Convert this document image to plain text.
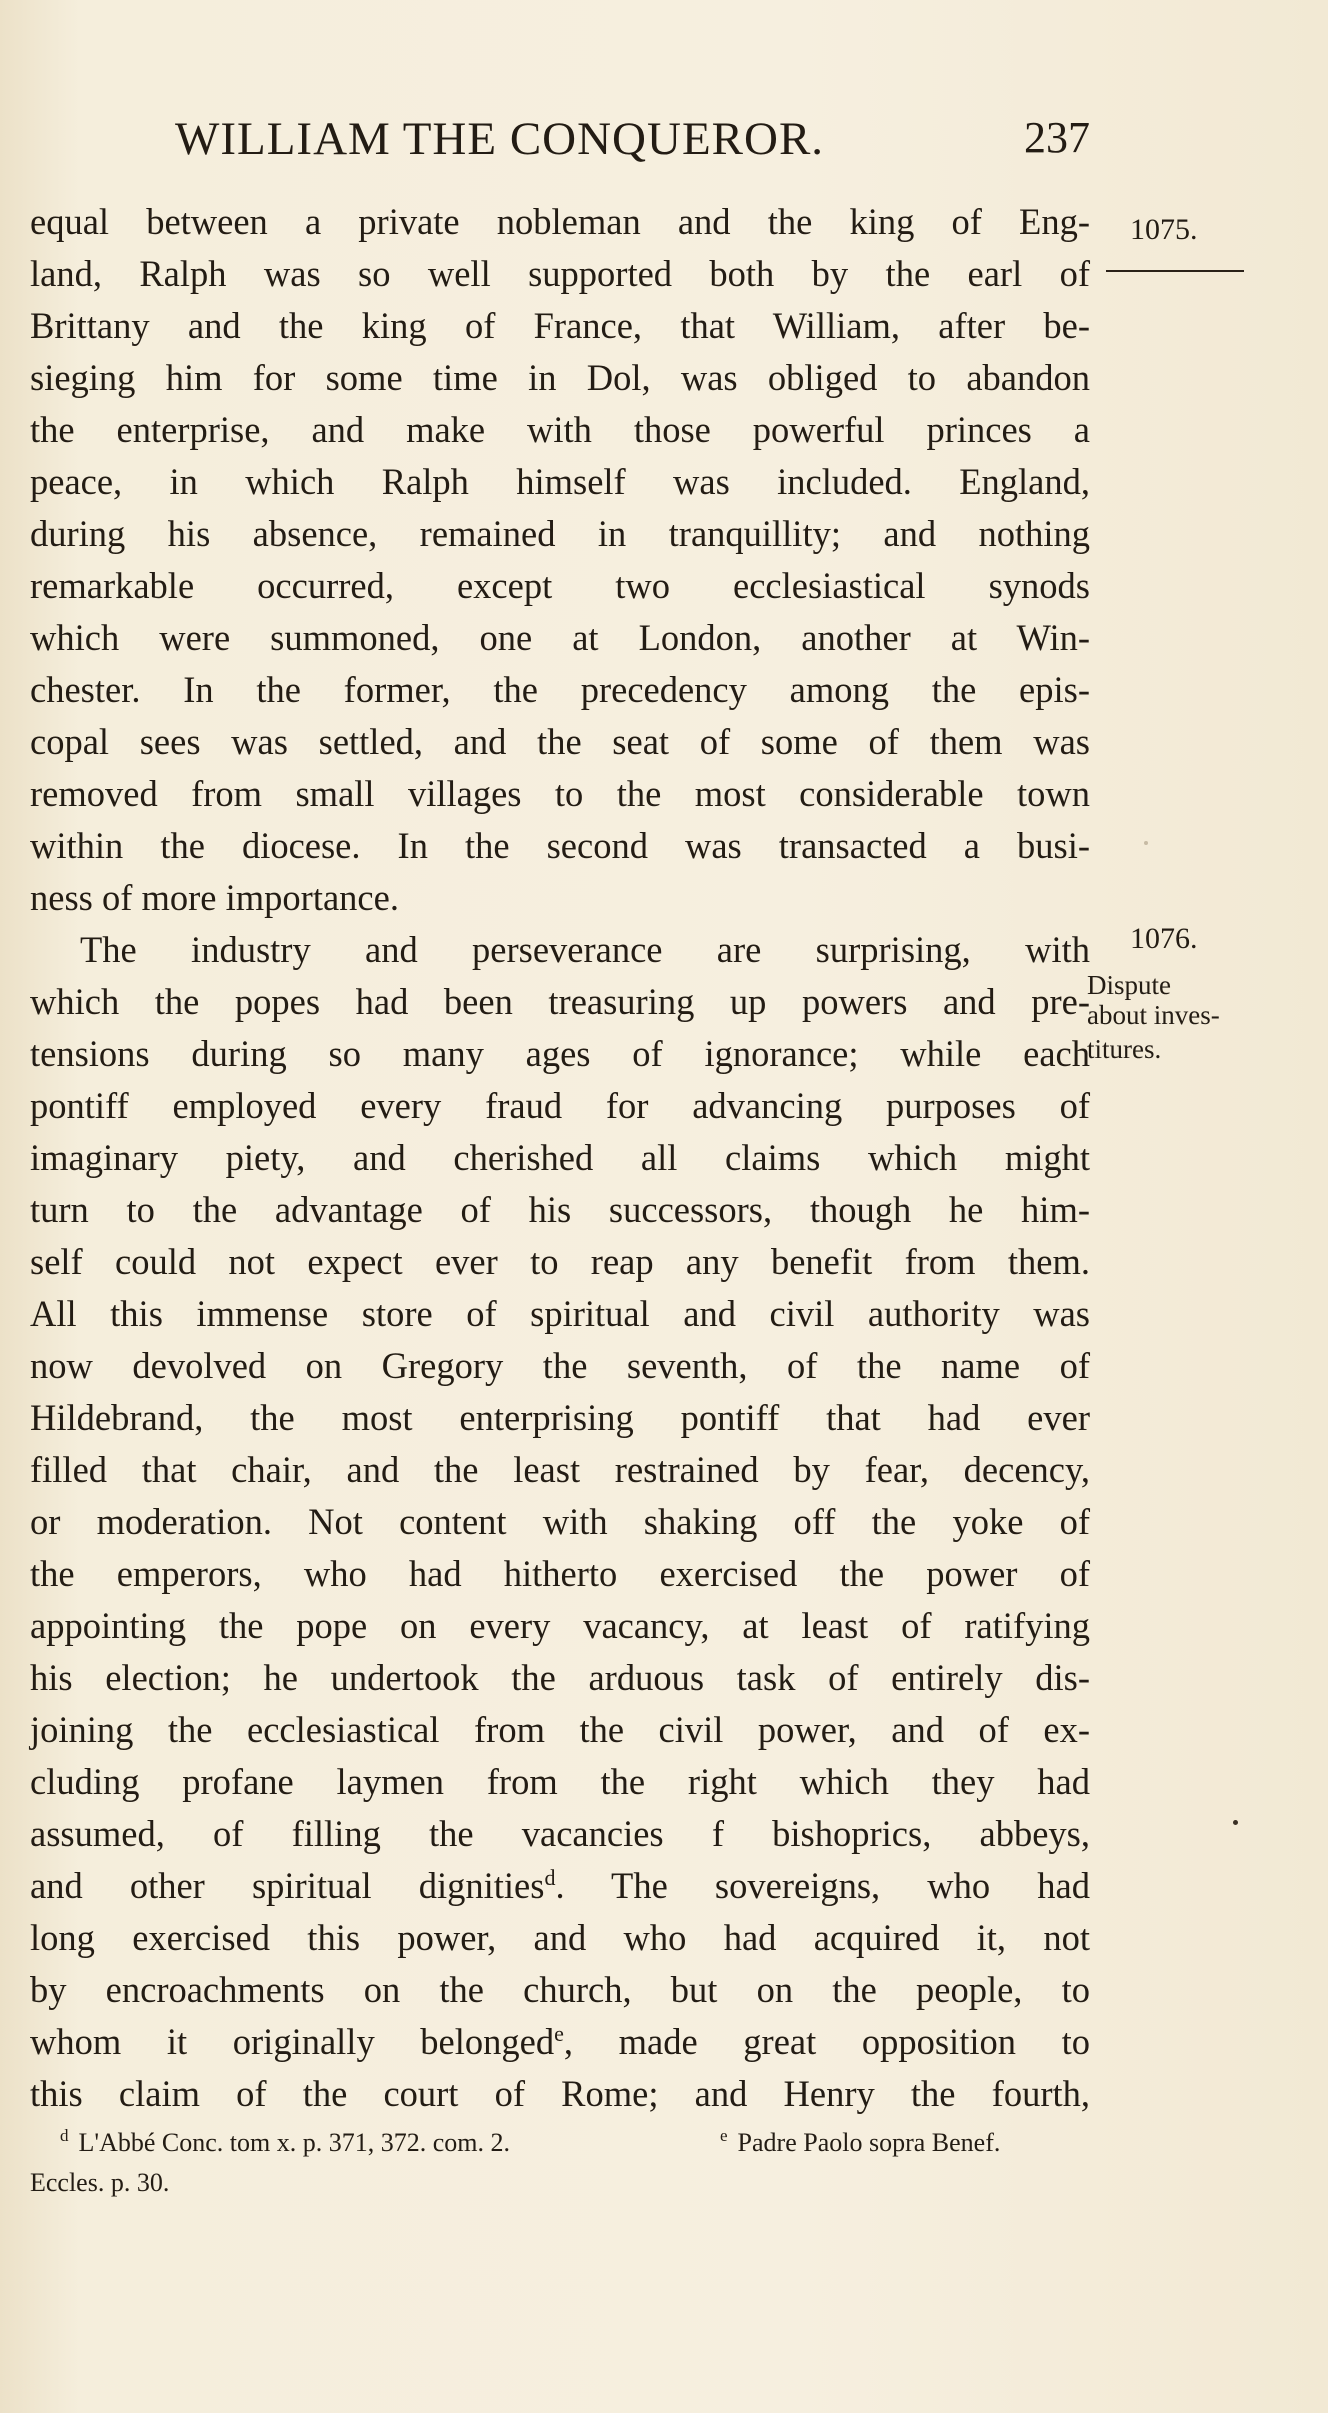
WILLIAM THE CONQUEROR.	237
1075.
1076.
Dispute
about inves-
titures.
equal between a private nobleman and the king of Eng-
land, Ralph was so well supported both by the earl of
Brittany and the king of France, that William, after be-
sieging him for some time in Dol, was obliged to abandon
the enterprise, and make with those powerful princes a
peace, in which Ralph himself was included. England,
during his absence, remained in tranquillity; and nothing
remarkable occurred, except two ecclesiastical synods
which were summoned, one at London, another at Win-
chester. In the former, the precedency among the epis-
copal sees was settled, and the seat of some of them was
removed from small villages to the most considerable town
within the diocese. In the second was transacted a busi-
ness of more importance.
The industry and perseverance are surprising, with
which the popes had been treasuring up powers and pre-
tensions during so many ages of ignorance; while each
pontiff employed every fraud for advancing purposes of
imaginary piety, and cherished all claims which might
turn to the advantage of his successors, though he him-
self could not expect ever to reap any benefit from them.
All this immense store of spiritual and civil authority was
now devolved on Gregory the seventh, of the name of
Hildebrand, the most enterprising pontiff that had ever
filled that chair, and the least restrained by fear, decency,
or moderation. Not content with shaking off the yoke of
the emperors, who had hitherto exercised the power of
appointing the pope on every vacancy, at least of ratifying
his election; he undertook the arduous task of entirely dis-
joining the ecclesiastical from the civil power, and of ex-
cluding profane laymen from the right which they had
assumed, of filling the vacancies f bishoprics, abbeys,
and other spiritual dignities$^d$. The sovereigns, who had
long exercised this power, and who had acquired it, not
by encroachments on the church, but on the people, to
whom it originally belonged$^e$, made great opposition to
this claim of the court of Rome; and Henry the fourth,
$^d$ L'Abbé Conc. tom x. p. 371, 372. com. 2.	$^e$ Padre Paolo sopra Benef.
Eccles. p. 30.
